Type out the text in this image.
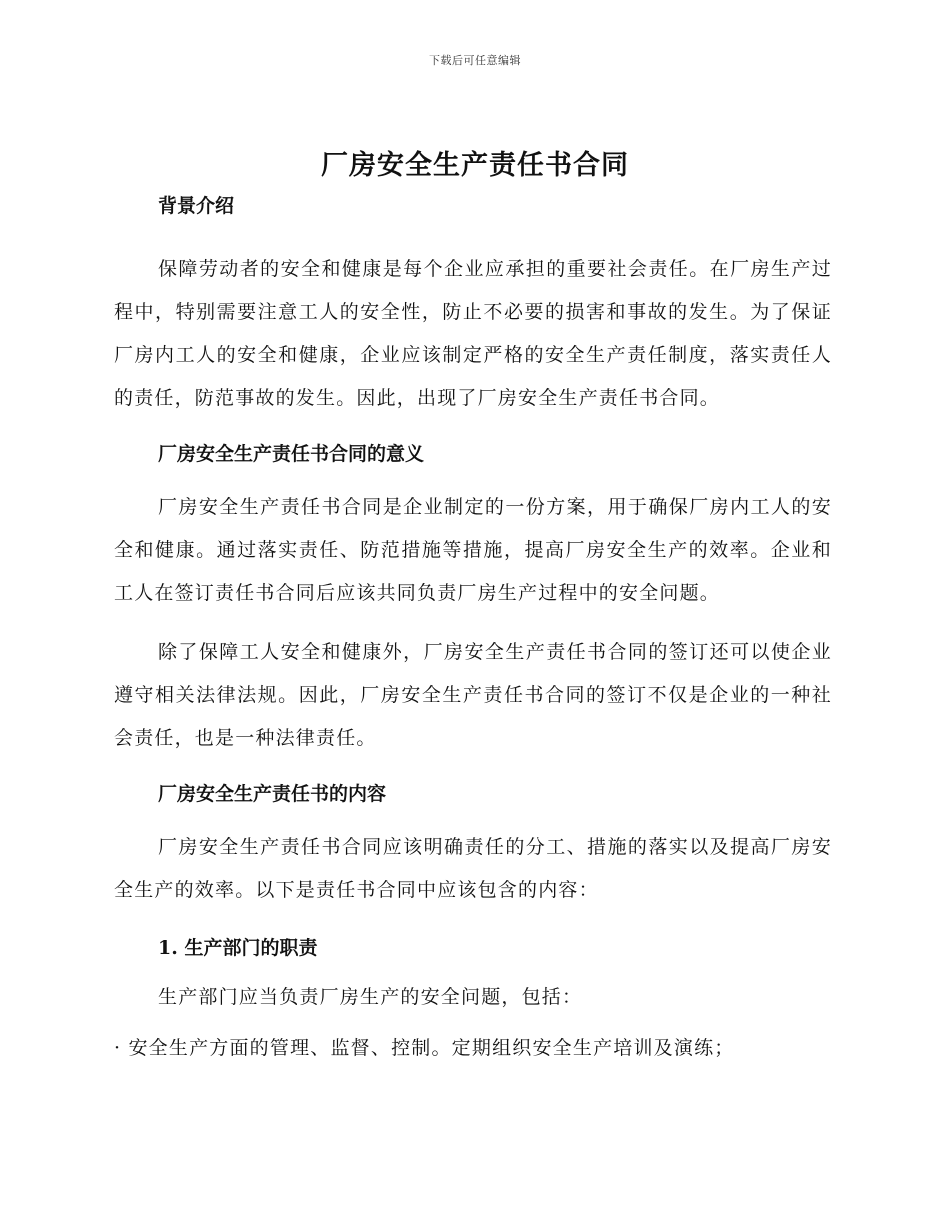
下载后可任意编辑
厂房安全生产责任书合同

背景介绍

保障劳动者的安全和健康是每个企业应承担的重要社会责任。在厂房生产过程中，特别需要注意工人的安全性，防止不必要的损害和事故的发生。为了保证厂房内工人的安全和健康，企业应该制定严格的安全生产责任制度，落实责任人的责任，防范事故的发生。因此，出现了厂房安全生产责任书合同。

厂房安全生产责任书合同的意义

厂房安全生产责任书合同是企业制定的一份方案，用于确保厂房内工人的安全和健康。通过落实责任、防范措施等措施，提高厂房安全生产的效率。企业和工人在签订责任书合同后应该共同负责厂房生产过程中的安全问题。

除了保障工人安全和健康外，厂房安全生产责任书合同的签订还可以使企业遵守相关法律法规。因此，厂房安全生产责任书合同的签订不仅是企业的一种社会责任，也是一种法律责任。

厂房安全生产责任书的内容

厂房安全生产责任书合同应该明确责任的分工、措施的落实以及提高厂房安全生产的效率。以下是责任书合同中应该包含的内容：

1. 生产部门的职责

生产部门应当负责厂房生产的安全问题，包括：

· 安全生产方面的管理、监督、控制。定期组织安全生产培训及演练；
